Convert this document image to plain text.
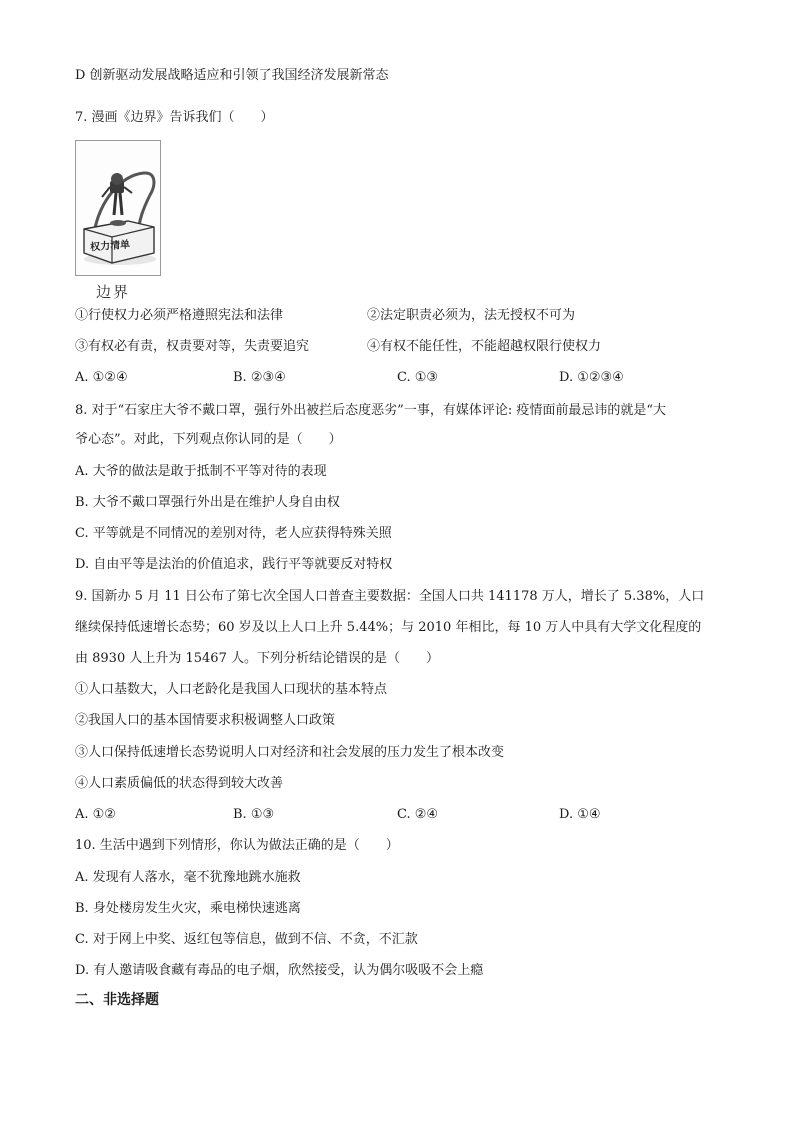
D 创新驱动发展战略适应和引领了我国经济发展新常态
7. 漫画《边界》告诉我们（　　）
权力清单
边界
①行使权力必须严格遵照宪法和法律	②法定职责必须为，法无授权不可为
③有权必有责，权责要对等，失责要追究	④有权不能任性，不能超越权限行使权力
A. ①②④	B. ②③④	C. ①③	D. ①②③④
8. 对于“石家庄大爷不戴口罩，强行外出被拦后态度恶劣”一事，有媒体评论: 疫情面前最忌讳的就是“大
爷心态”。对此，下列观点你认同的是（　　）
A. 大爷的做法是敢于抵制不平等对待的表现
B. 大爷不戴口罩强行外出是在维护人身自由权
C. 平等就是不同情况的差别对待，老人应获得特殊关照
D. 自由平等是法治的价值追求，践行平等就要反对特权
9. 国新办 5 月 11 日公布了第七次全国人口普查主要数据：全国人口共 141178 万人，增长了 5.38%，人口
继续保持低速增长态势；60 岁及以上人口上升 5.44%；与 2010 年相比，每 10 万人中具有大学文化程度的
由 8930 人上升为 15467 人。下列分析结论错误的是（　　）
①人口基数大，人口老龄化是我国人口现状的基本特点
②我国人口的基本国情要求积极调整人口政策
③人口保持低速增长态势说明人口对经济和社会发展的压力发生了根本改变
④人口素质偏低的状态得到较大改善
A. ①②	B. ①③	C. ②④	D. ①④
10. 生活中遇到下列情形，你认为做法正确的是（　　）
A. 发现有人落水，毫不犹豫地跳水施救
B. 身处楼房发生火灾，乘电梯快速逃离
C. 对于网上中奖、返红包等信息，做到不信、不贪，不汇款
D. 有人邀请吸食藏有毒品的电子烟，欣然接受，认为偶尔吸吸不会上瘾
二、非选择题
